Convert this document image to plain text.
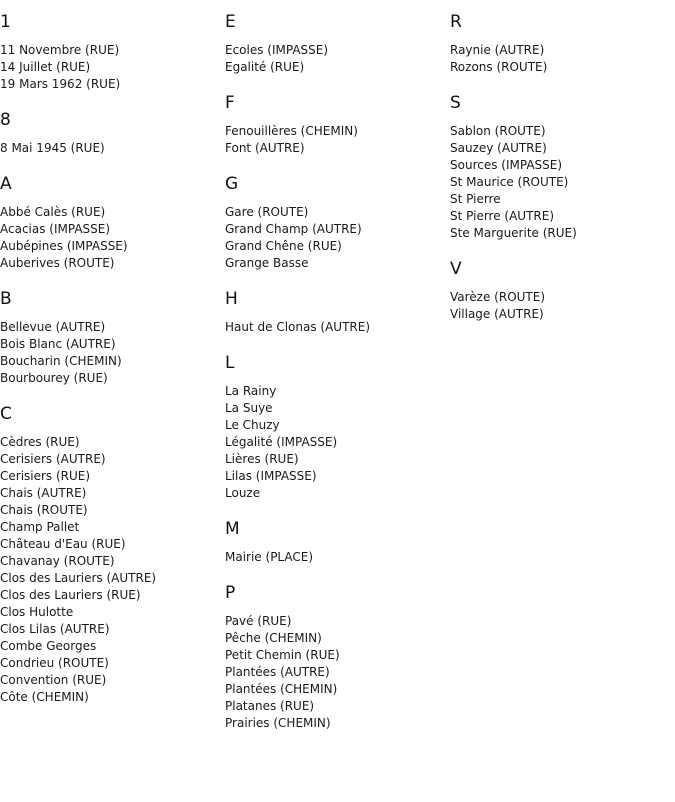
1
11 Novembre (RUE)
14 Juillet (RUE)
19 Mars 1962 (RUE)
8
8 Mai 1945 (RUE)
A
Abbé Calès (RUE)
Acacias (IMPASSE)
Aubépines (IMPASSE)
Auberives (ROUTE)
B
Bellevue (AUTRE)
Bois Blanc (AUTRE)
Boucharin (CHEMIN)
Bourbourey (RUE)
C
Cèdres (RUE)
Cerisiers (AUTRE)
Cerisiers (RUE)
Chais (AUTRE)
Chais (ROUTE)
Champ Pallet
Château d'Eau (RUE)
Chavanay (ROUTE)
Clos des Lauriers (AUTRE)
Clos des Lauriers (RUE)
Clos Hulotte
Clos Lilas (AUTRE)
Combe Georges
Condrieu (ROUTE)
Convention (RUE)
Côte (CHEMIN)
E
Ecoles (IMPASSE)
Egalité (RUE)
F
Fenouillères (CHEMIN)
Font (AUTRE)
G
Gare (ROUTE)
Grand Champ (AUTRE)
Grand Chêne (RUE)
Grange Basse
H
Haut de Clonas (AUTRE)
L
La Rainy
La Suye
Le Chuzy
Légalité (IMPASSE)
Lières (RUE)
Lilas (IMPASSE)
Louze
M
Mairie (PLACE)
P
Pavé (RUE)
Pêche (CHEMIN)
Petit Chemin (RUE)
Plantées (AUTRE)
Plantées (CHEMIN)
Platanes (RUE)
Prairies (CHEMIN)
R
Raynie (AUTRE)
Rozons (ROUTE)
S
Sablon (ROUTE)
Sauzey (AUTRE)
Sources (IMPASSE)
St Maurice (ROUTE)
St Pierre
St Pierre (AUTRE)
Ste Marguerite (RUE)
V
Varèze (ROUTE)
Village (AUTRE)
